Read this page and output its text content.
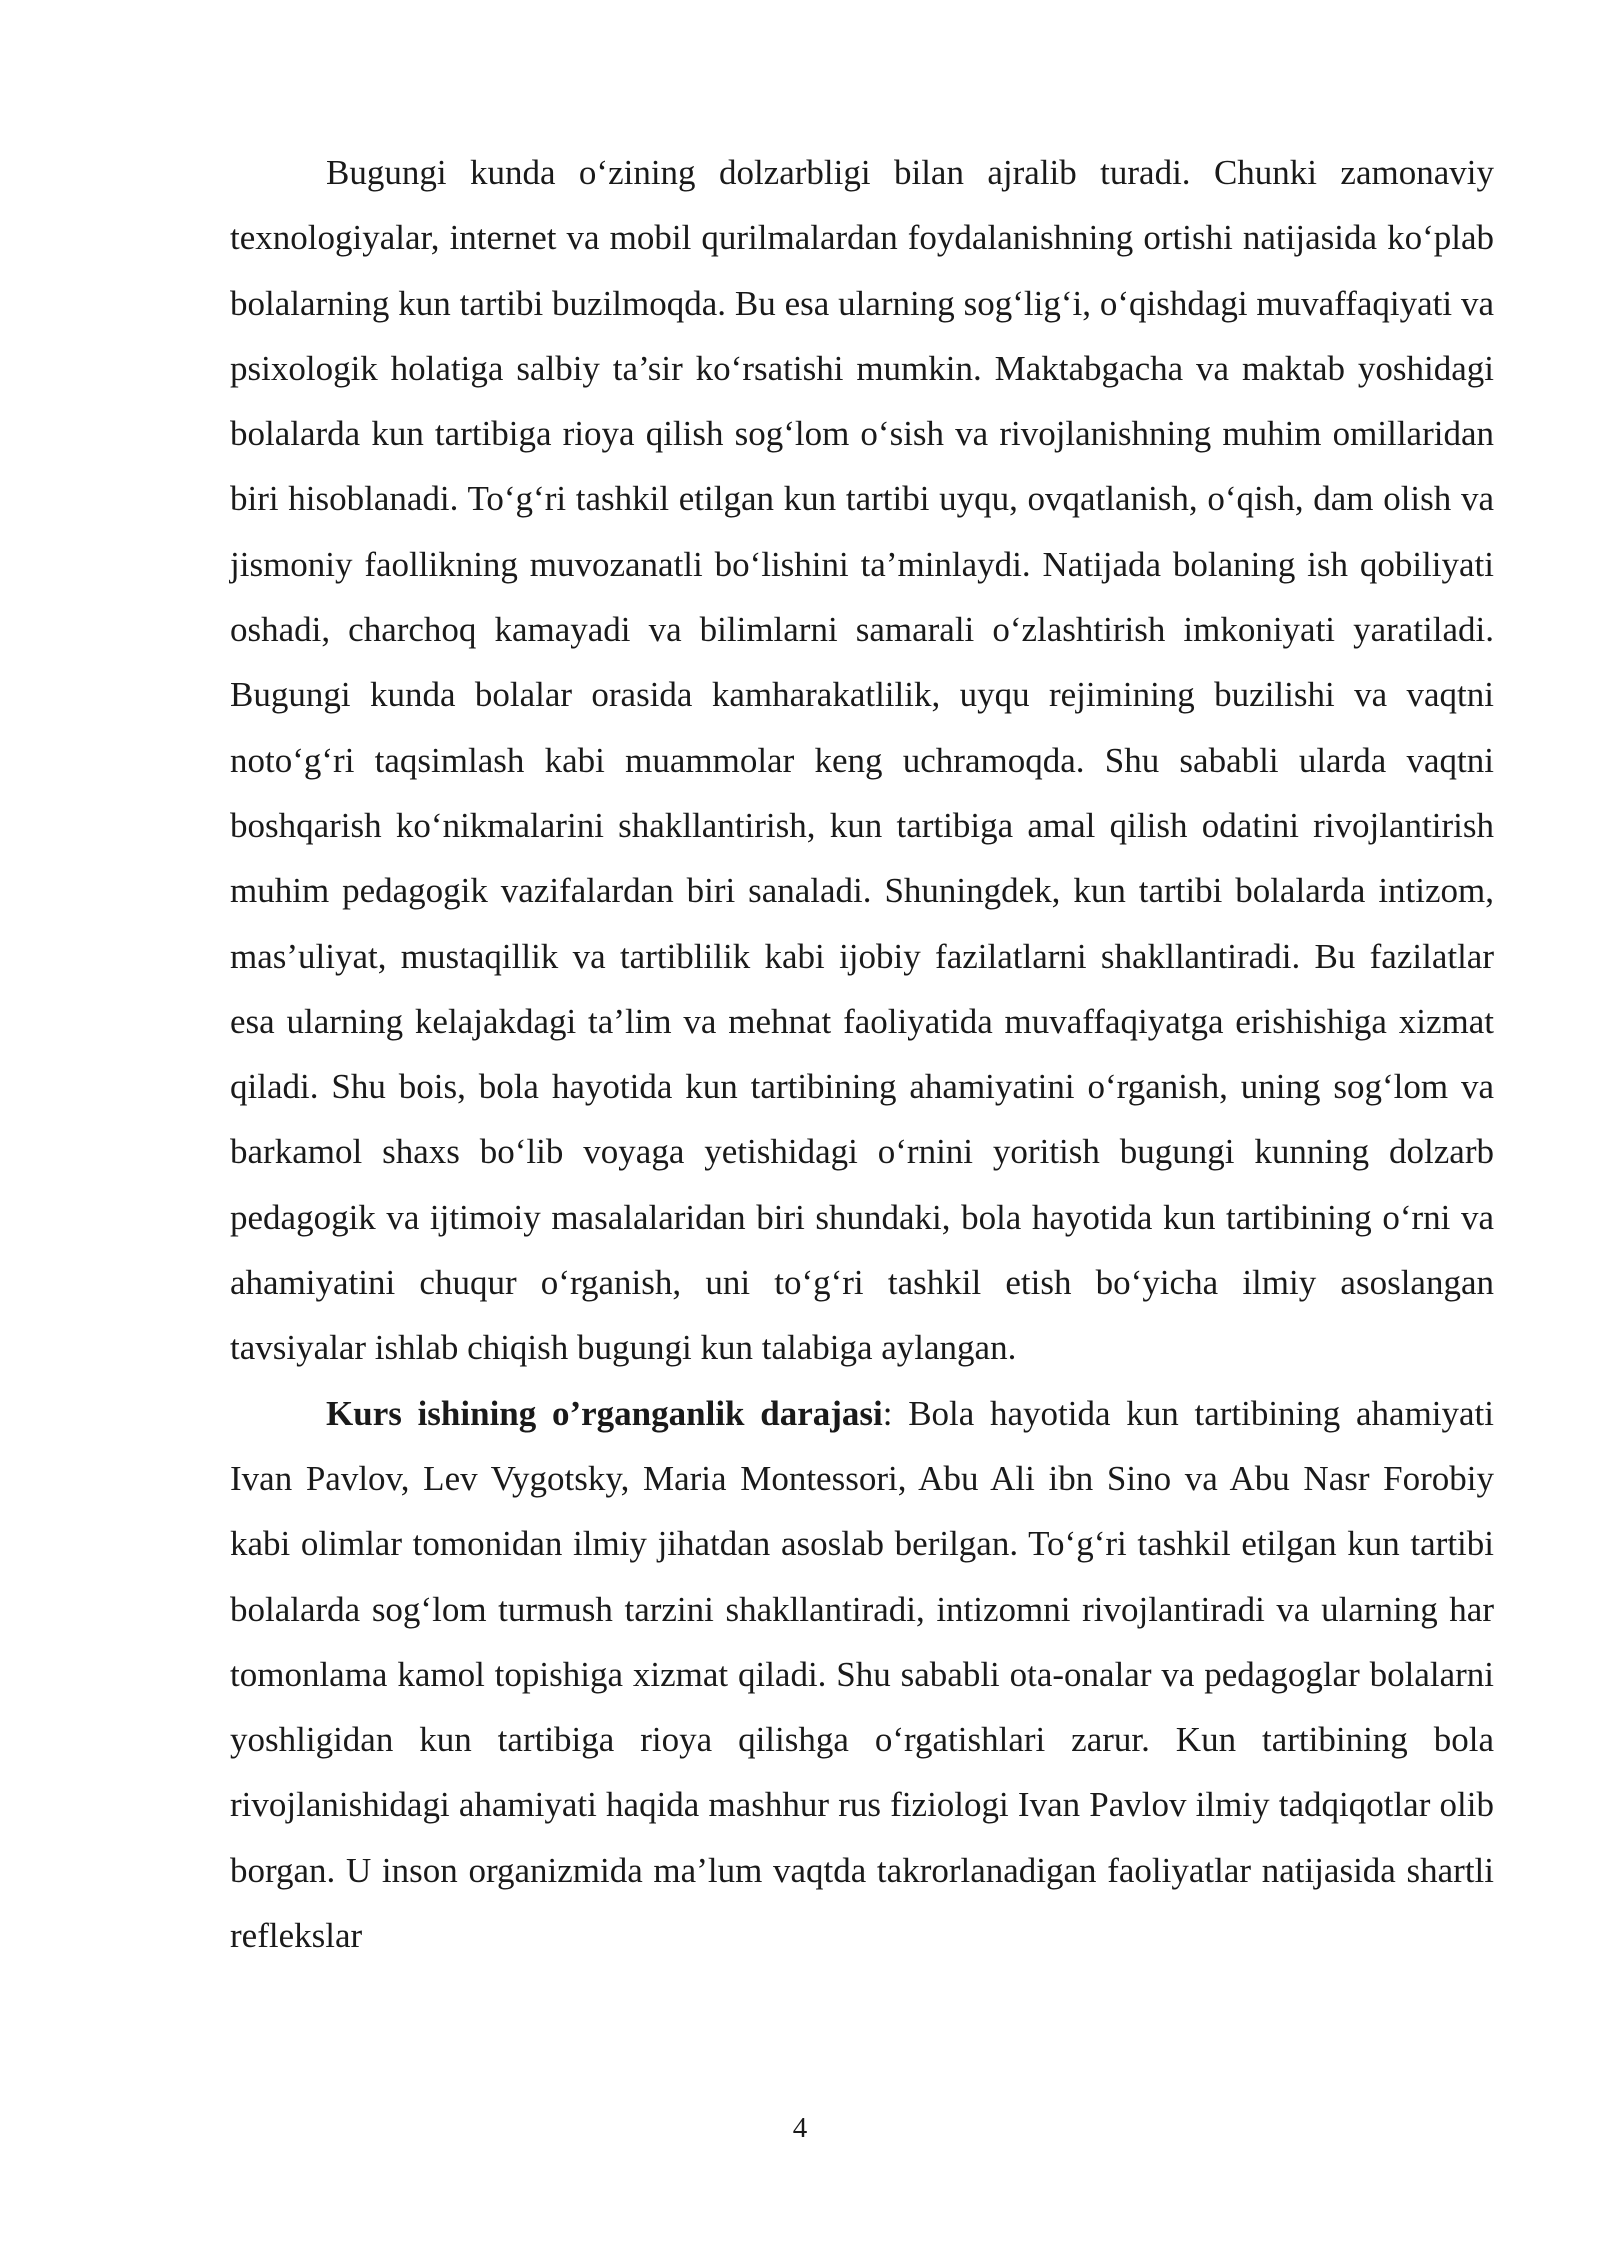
Bugungi kunda oʻzining dolzarbligi bilan ajralib turadi. Chunki zamonaviy texnologiyalar, internet va mobil qurilmalardan foydalanishning ortishi natijasida koʻplab bolalarning kun tartibi buzilmoqda. Bu esa ularning sogʻligʻi, oʻqishdagi muvaffaqiyati va psixologik holatiga salbiy ta’sir koʻrsatishi mumkin. Maktabgacha va maktab yoshidagi bolalarda kun tartibiga rioya qilish sogʻlom oʻsish va rivojlanishning muhim omillaridan biri hisoblanadi. Toʻgʻri tashkil etilgan kun tartibi uyqu, ovqatlanish, oʻqish, dam olish va jismoniy faollikning muvozanatli boʻlishini ta’minlaydi. Natijada bolaning ish qobiliyati oshadi, charchoq kamayadi va bilimlarni samarali oʻzlashtirish imkoniyati yaratiladi. Bugungi kunda bolalar orasida kamharakatlilik, uyqu rejimining buzilishi va vaqtni notoʻgʻri taqsimlash kabi muammolar keng uchramoqda. Shu sababli ularda vaqtni boshqarish koʻnikmalarini shakllantirish, kun tartibiga amal qilish odatini rivojlantirish muhim pedagogik vazifalardan biri sanaladi. Shuningdek, kun tartibi bolalarda intizom, mas’uliyat, mustaqillik va tartiblilik kabi ijobiy fazilatlarni shakllantiradi. Bu fazilatlar esa ularning kelajakdagi ta’lim va mehnat faoliyatida muvaffaqiyatga erishishiga xizmat qiladi. Shu bois, bola hayotida kun tartibining ahamiyatini oʻrganish, uning sogʻlom va barkamol shaxs boʻlib voyaga yetishidagi oʻrnini yoritish bugungi kunning dolzarb pedagogik va ijtimoiy masalalaridan biri shundaki, bola hayotida kun tartibining oʻrni va ahamiyatini chuqur oʻrganish, uni toʻgʻri tashkil etish boʻyicha ilmiy asoslangan tavsiyalar ishlab chiqish bugungi kun talabiga aylangan.

Kurs ishining o’rganganlik darajasi: Bola hayotida kun tartibining ahamiyati Ivan Pavlov, Lev Vygotsky, Maria Montessori, Abu Ali ibn Sino va Abu Nasr Forobiy kabi olimlar tomonidan ilmiy jihatdan asoslab berilgan. Toʻgʻri tashkil etilgan kun tartibi bolalarda sogʻlom turmush tarzini shakllantiradi, intizomni rivojlantiradi va ularning har tomonlama kamol topishiga xizmat qiladi. Shu sababli ota-onalar va pedagoglar bolalarni yoshligidan kun tartibiga rioya qilishga oʻrgatishlari zarur. Kun tartibining bola rivojlanishidagi ahamiyati haqida mashhur rus fiziologi Ivan Pavlov ilmiy tadqiqotlar olib borgan. U inson organizmida ma’lum vaqtda takrorlanadigan faoliyatlar natijasida shartli reflekslar

4
